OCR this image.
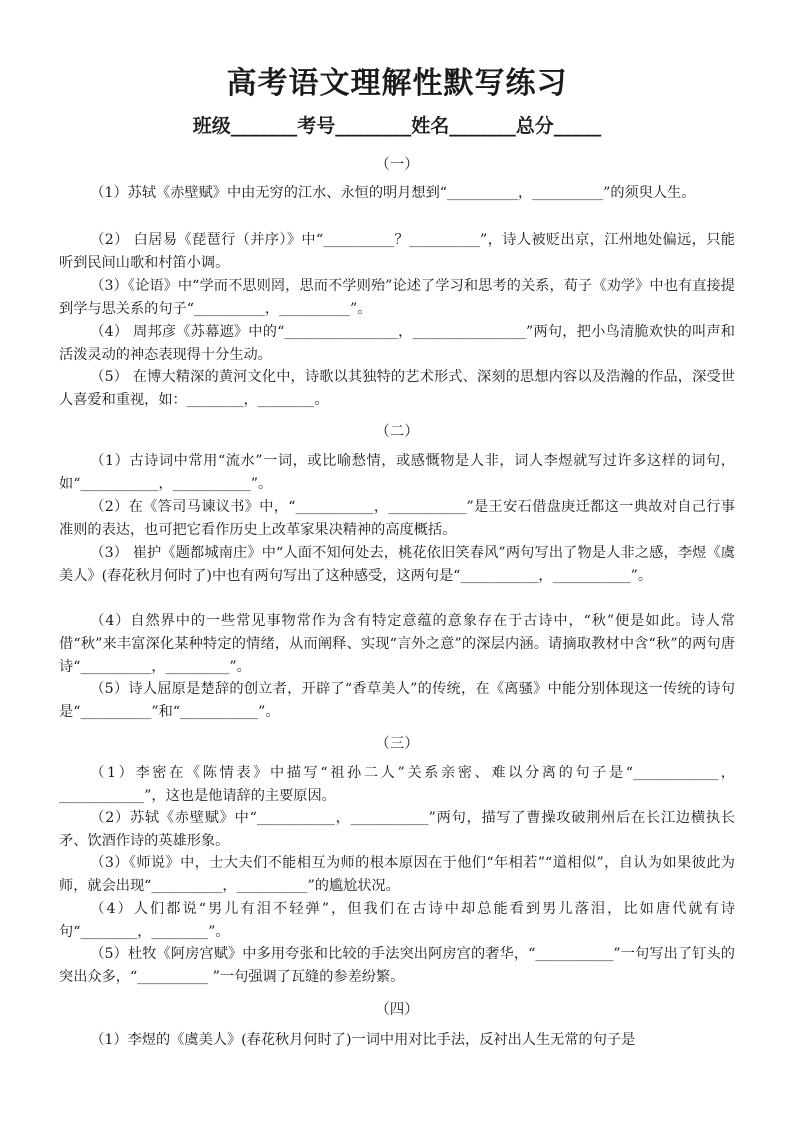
高考语文理解性默写练习
班级_______考号________姓名_______总分_____
（一）
（1）苏轼《赤壁赋》中由无穷的江水、永恒的明月想到“__________，__________”的须臾人生。
（2） 白居易《琵琶行（并序）》中“__________？__________”，诗人被贬出京，江州地处偏远，只能听到民间山歌和村笛小调。
（3）《论语》中“学而不思则罔，思而不学则殆”论述了学习和思考的关系，荀子《劝学》中也有直接提到学与思关系的句子“__________，__________”。
（4） 周邦彦《苏幕遮》中的“________________，________________”两句，把小鸟清脆欢快的叫声和活泼灵动的神态表现得十分生动。
（5） 在博大精深的黄河文化中，诗歌以其独特的艺术形式、深刻的思想内容以及浩瀚的作品，深受世人喜爱和重视，如：________，________。
（二）
（1）古诗词中常用“流水”一词，或比喻愁情，或感慨物是人非，词人李煜就写过许多这样的词句，如“___________，___________”。
（2）在《答司马谏议书》中，“___________，___________”是王安石借盘庚迁都这一典故对自己行事准则的表达，也可把它看作历史上改革家果决精神的高度概括。
（3） 崔护《题都城南庄》中“人面不知何处去，桃花依旧笑春风”两句写出了物是人非之感，李煜《虞美人》(春花秋月何时了)中也有两句写出了这种感受，这两句是“___________，___________”。
（4）自然界中的一些常见事物常作为含有特定意蕴的意象存在于古诗中，“秋”便是如此。诗人常借“秋”来丰富深化某种特定的情绪，从而阐释、实现“言外之意”的深层内涵。请摘取教材中含“秋”的两句唐诗“__________，_________”。
（5）诗人屈原是楚辞的创立者，开辟了“香草美人”的传统，在《离骚》中能分别体现这一传统的诗句是“__________”和“___________”。
（三）
（1）李密在《陈情表》中描写“祖孙二人”关系亲密、难以分离的句子是“____________，____________”，这也是他请辞的主要原因。
（2）苏轼《赤壁赋》中“___________，___________”两句，描写了曹操攻破荆州后在长江边横执长矛、饮酒作诗的英雄形象。
（3）《师说》中，士大夫们不能相互为师的根本原因在于他们“年相若”“道相似”，自认为如果彼此为师，就会出现“__________，__________”的尴尬状况。
（4）人们都说“男儿有泪不轻弹”，但我们在古诗中却总能看到男儿落泪，比如唐代就有诗句“________，________”。
（5）杜牧《阿房宫赋》中多用夸张和比较的手法突出阿房宫的奢华，“___________”一句写出了钉头的突出众多，“__________ ”一句强调了瓦缝的参差纷繁。
（四）
（1）李煜的《虞美人》(春花秋月何时了)一词中用对比手法，反衬出人生无常的句子是
